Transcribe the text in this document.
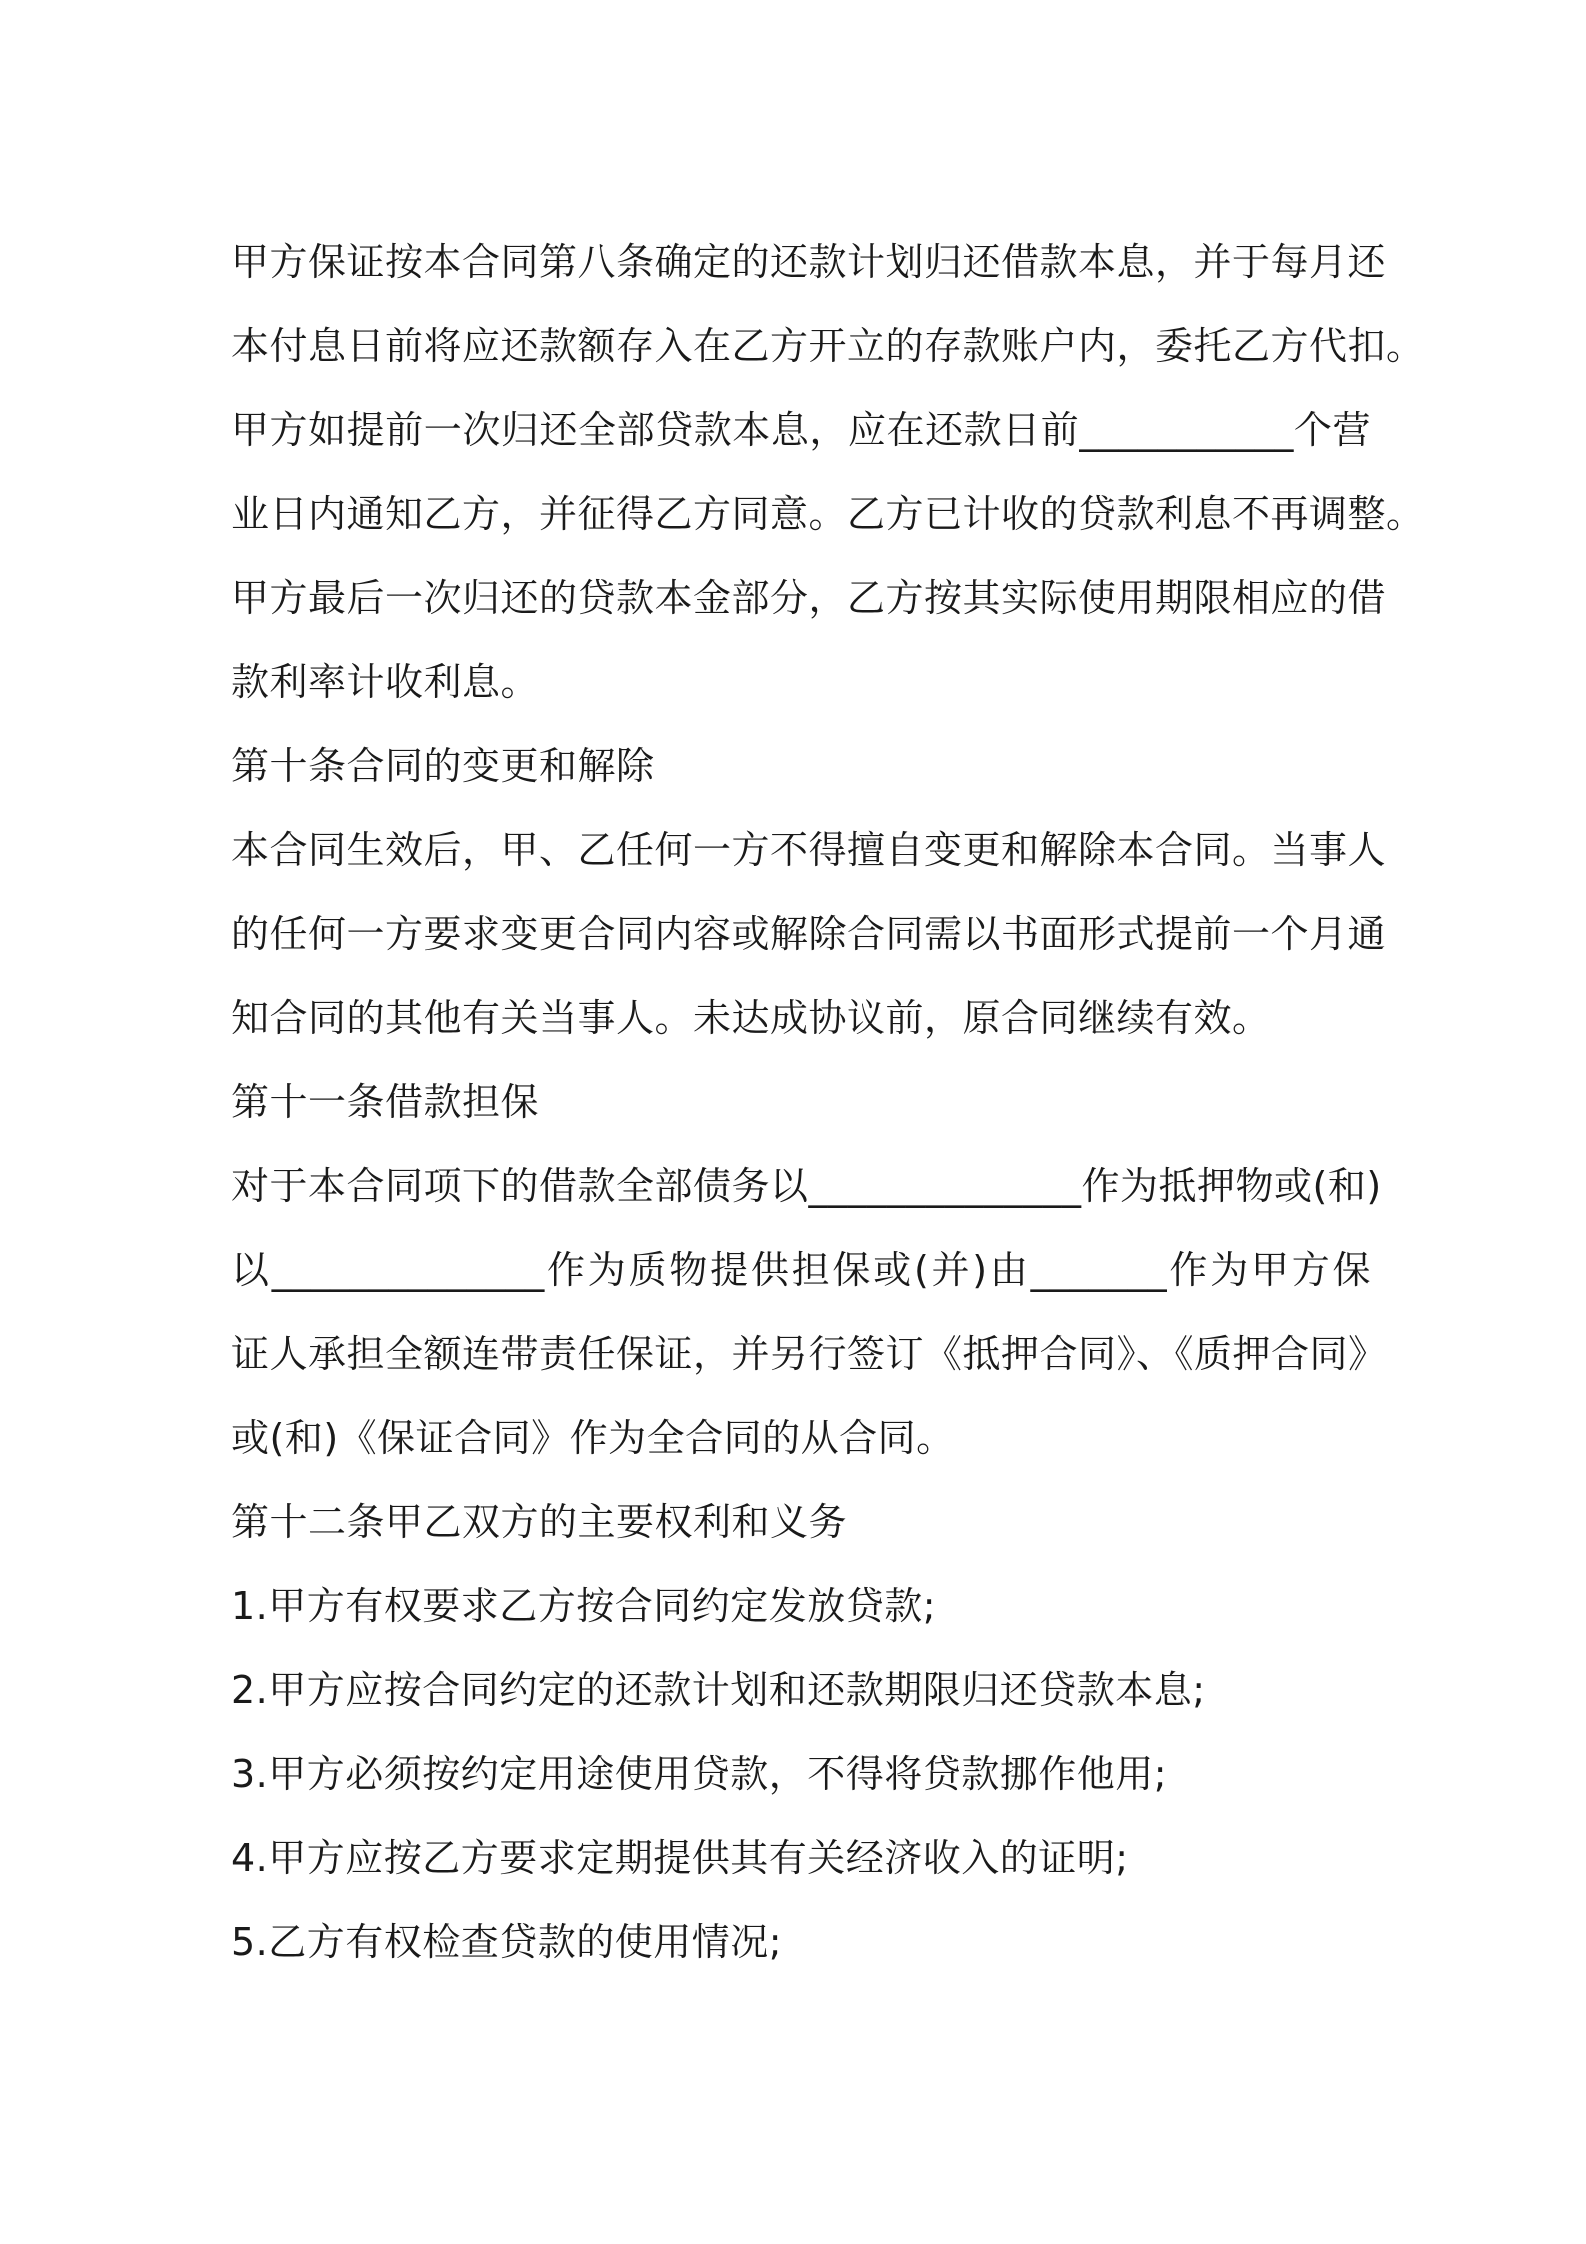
甲方保证按本合同第八条确定的还款计划归还借款本息，并于每月还
本付息日前将应还款额存入在乙方开立的存款账户内，委托乙方代扣。
甲方如提前一次归还全部贷款本息，应在还款日前___________个营
业日内通知乙方，并征得乙方同意。乙方已计收的贷款利息不再调整。
甲方最后一次归还的贷款本金部分，乙方按其实际使用期限相应的借
款利率计收利息。
第十条合同的变更和解除
本合同生效后，甲、乙任何一方不得擅自变更和解除本合同。当事人
的任何一方要求变更合同内容或解除合同需以书面形式提前一个月通
知合同的其他有关当事人。未达成协议前，原合同继续有效。
第十一条借款担保
对于本合同项下的借款全部债务以______________作为抵押物或(和)
以______________作为质物提供担保或(并)由_______作为甲方保
证人承担全额连带责任保证，并另行签订《抵押合同》、《质押合同》
或(和)《保证合同》作为全合同的从合同。
第十二条甲乙双方的主要权利和义务
1.甲方有权要求乙方按合同约定发放贷款;
2.甲方应按合同约定的还款计划和还款期限归还贷款本息;
3.甲方必须按约定用途使用贷款，不得将贷款挪作他用;
4.甲方应按乙方要求定期提供其有关经济收入的证明;
5.乙方有权检查贷款的使用情况;
